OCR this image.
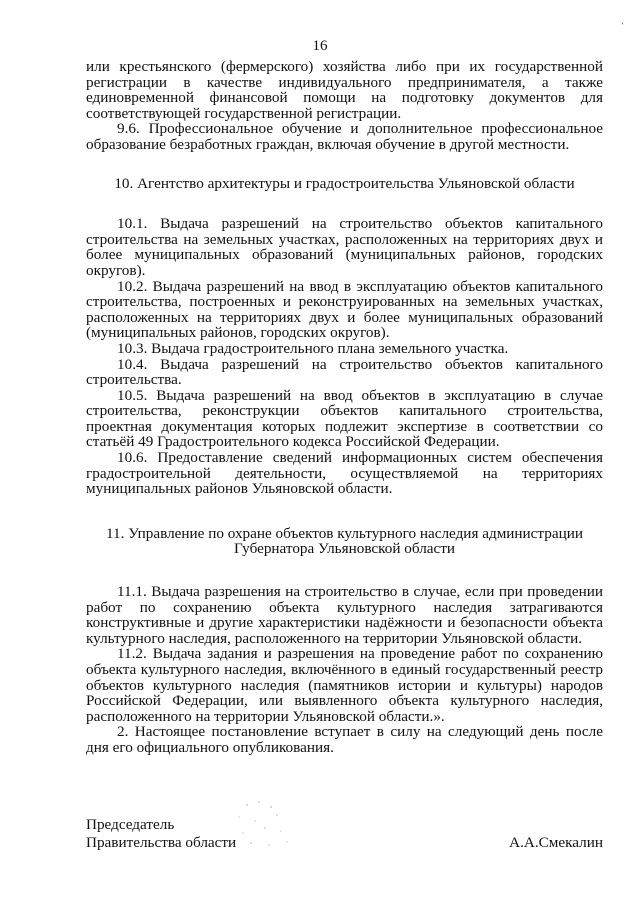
'
16

или крестьянского (фермерского) хозяйства либо при их государственной регистрации в качестве индивидуального предпринимателя, а также единовременной финансовой помощи на подготовку документов для соответствующей государственной регистрации.

9.6. Профессиональное обучение и дополнительное профессиональное образование безработных граждан, включая обучение в другой местности.

10. Агентство архитектуры и градостроительства Ульяновской области

10.1. Выдача разрешений на строительство объектов капитального строительства на земельных участках, расположенных на территориях двух и более муниципальных образований (муниципальных районов, городских округов).

10.2. Выдача разрешений на ввод в эксплуатацию объектов капитального строительства, построенных и реконструированных на земельных участках, расположенных на территориях двух и более муниципальных образований (муниципальных районов, городских округов).

10.3. Выдача градостроительного плана земельного участка.

10.4. Выдача разрешений на строительство объектов капитального строительства.

10.5. Выдача разрешений на ввод объектов в эксплуатацию в случае строительства, реконструкции объектов капитального строительства, проектная документация которых подлежит экспертизе в соответствии со статьёй 49 Градостроительного кодекса Российской Федерации.

10.6. Предоставление сведений информационных систем обеспечения градостроительной деятельности, осуществляемой на территориях муниципальных районов Ульяновской области.

11. Управление по охране объектов культурного наследия администрации

Губернатора Ульяновской области

11.1. Выдача разрешения на строительство в случае, если при проведении работ по сохранению объекта культурного наследия затрагиваются конструктивные и другие характеристики надёжности и безопасности объекта культурного наследия, расположенного на территории Ульяновской области.

11.2. Выдача задания и разрешения на проведение работ по сохранению объекта культурного наследия, включённого в единый государственный реестр объектов культурного наследия (памятников истории и культуры) народов Российской Федерации, или выявленного объекта культурного наследия, расположенного на территории Ульяновской области.».

2. Настоящее постановление вступает в силу на следующий день после дня его официального опубликования.

Председатель
Правительства области	А.А.Смекалин
